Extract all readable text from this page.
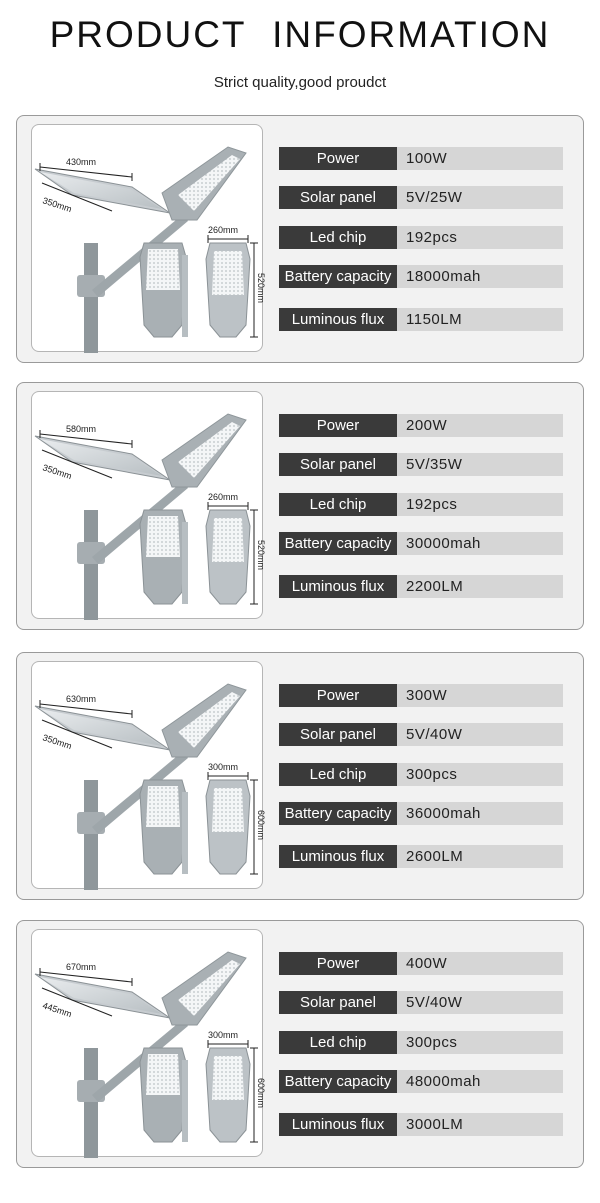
PRODUCT INFORMATION
Strict quality,good proudct
430mm
350mm
260mm
520mm
Power	100W
Solar panel	5V/25W
Led chip	192pcs
Battery capacity 18000mah
Luminous flux	1150LM
580mm
350mm
260mm
520mm
Power	200W
Solar panel	5V/35W
Led chip	192pcs
Battery capacity 30000mah
Luminous flux	2200LM
630mm
350mm
300mm
600mm
Power	300W
Solar panel	5V/40W
Led chip	300pcs
Battery capacity 36000mah
Luminous flux	2600LM
670mm
445mm
300mm
600mm
Power	400W
Solar panel	5V/40W
Led chip	300pcs
Battery capacity 48000mah
Luminous flux	3000LM
